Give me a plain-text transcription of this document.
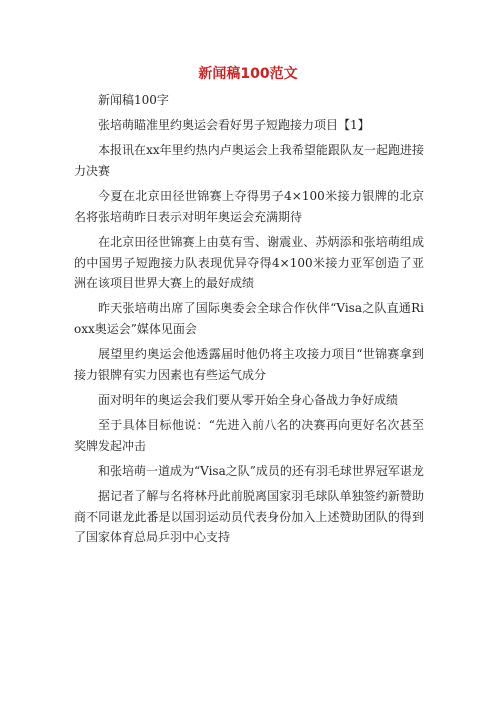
新闻稿100范文

新闻稿100字

张培萌瞄准里约奥运会看好男子短跑接力项目【1】

本报讯在xx年里约热内卢奥运会上我希望能跟队友一起跑进接力决赛

今夏在北京田径世锦赛上夺得男子4×100米接力银牌的北京名将张培萌昨日表示对明年奥运会充满期待

在北京田径世锦赛上由莫有雪、谢震业、苏炳添和张培萌组成的中国男子短跑接力队表现优异夺得4×100米接力亚军创造了亚洲在该项目世界大赛上的最好成绩

昨天张培萌出席了国际奥委会全球合作伙伴“Visa之队直通Rioxx奥运会”媒体见面会

展望里约奥运会他透露届时他仍将主攻接力项目“世锦赛拿到接力银牌有实力因素也有些运气成分

面对明年的奥运会我们要从零开始全身心备战力争好成绩

至于具体目标他说：“先进入前八名的决赛再向更好名次甚至奖牌发起冲击

和张培萌一道成为“Visa之队”成员的还有羽毛球世界冠军谌龙

据记者了解与名将林丹此前脱离国家羽毛球队单独签约新赞助商不同谌龙此番是以国羽运动员代表身份加入上述赞助团队的得到了国家体育总局乒羽中心支持
